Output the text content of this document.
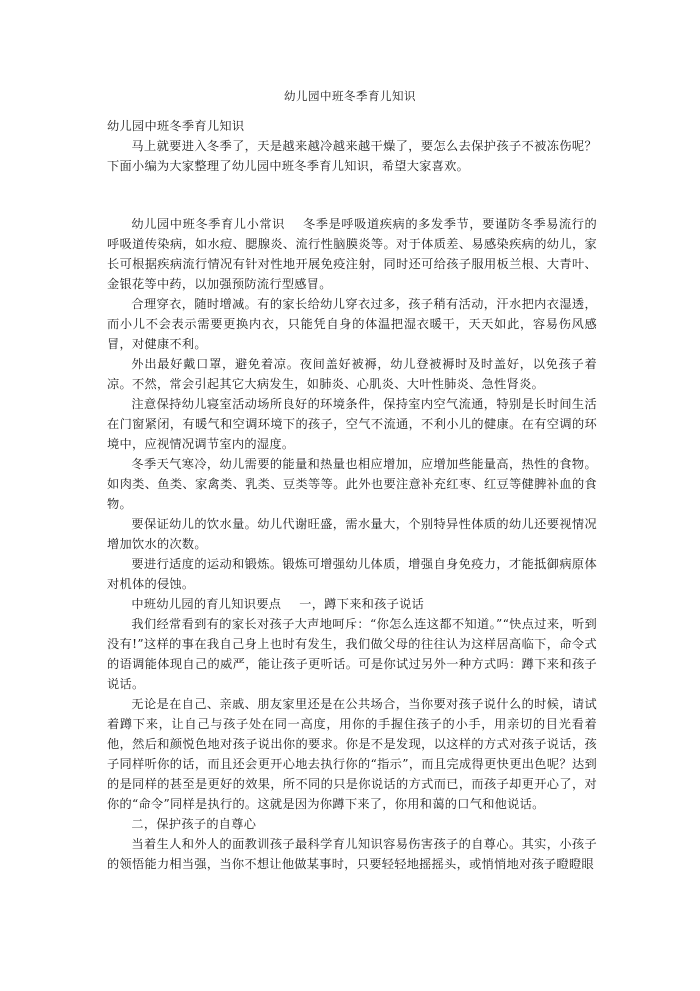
幼儿园中班冬季育儿知识

幼儿园中班冬季育儿知识

马上就要进入冬季了，天是越来越冷越来越干燥了，要怎么去保护孩子不被冻伤呢？下面小编为大家整理了幼儿园中班冬季育儿知识，希望大家喜欢。

幼儿园中班冬季育儿小常识 冬季是呼吸道疾病的多发季节，要谨防冬季易流行的呼吸道传染病，如水痘、腮腺炎、流行性脑膜炎等。对于体质差、易感染疾病的幼儿，家长可根据疾病流行情况有针对性地开展免疫注射，同时还可给孩子服用板兰根、大青叶、金银花等中药，以加强预防流行型感冒。

合理穿衣，随时增减。有的家长给幼儿穿衣过多，孩子稍有活动，汗水把内衣湿透，而小儿不会表示需要更换内衣，只能凭自身的体温把湿衣暖干，天天如此，容易伤风感冒，对健康不利。

外出最好戴口罩，避免着凉。夜间盖好被褥，幼儿登被褥时及时盖好，以免孩子着凉。不然，常会引起其它大病发生，如肺炎、心肌炎、大叶性肺炎、急性肾炎。

注意保持幼儿寝室活动场所良好的环境条件，保持室内空气流通，特别是长时间生活在门窗紧闭，有暖气和空调环境下的孩子，空气不流通，不利小儿的健康。在有空调的环境中，应视情况调节室内的湿度。

冬季天气寒冷，幼儿需要的能量和热量也相应增加，应增加些能量高，热性的食物。如肉类、鱼类、家禽类、乳类、豆类等等。此外也要注意补充红枣、红豆等健脾补血的食物。

要保证幼儿的饮水量。幼儿代谢旺盛，需水量大，个别特异性体质的幼儿还要视情况增加饮水的次数。

要进行适度的运动和锻炼。锻炼可增强幼儿体质，增强自身免疫力，才能抵御病原体对机体的侵蚀。

中班幼儿园的育儿知识要点 一，蹲下来和孩子说话

我们经常看到有的家长对孩子大声地呵斥：“你怎么连这都不知道。”“快点过来，听到没有!”这样的事在我自己身上也时有发生，我们做父母的往往认为这样居高临下，命令式的语调能体现自己的威严，能让孩子更听话。可是你试过另外一种方式吗：蹲下来和孩子说话。

无论是在自己、亲戚、朋友家里还是在公共场合，当你要对孩子说什么的时候，请试着蹲下来，让自己与孩子处在同一高度，用你的手握住孩子的小手，用亲切的目光看着他，然后和颜悦色地对孩子说出你的要求。你是不是发现，以这样的方式对孩子说话，孩子同样听你的话，而且还会更开心地去执行你的“指示”，而且完成得更快更出色呢？达到的是同样的甚至是更好的效果，所不同的只是你说话的方式而已，而孩子却更开心了，对你的“命令”同样是执行的。这就是因为你蹲下来了，你用和蔼的口气和他说话。

二，保护孩子的自尊心

当着生人和外人的面教训孩子最科学育儿知识容易伤害孩子的自尊心。其实，小孩子的领悟能力相当强，当你不想让他做某事时，只要轻轻地摇摇头，或悄悄地对孩子瞪瞪眼
